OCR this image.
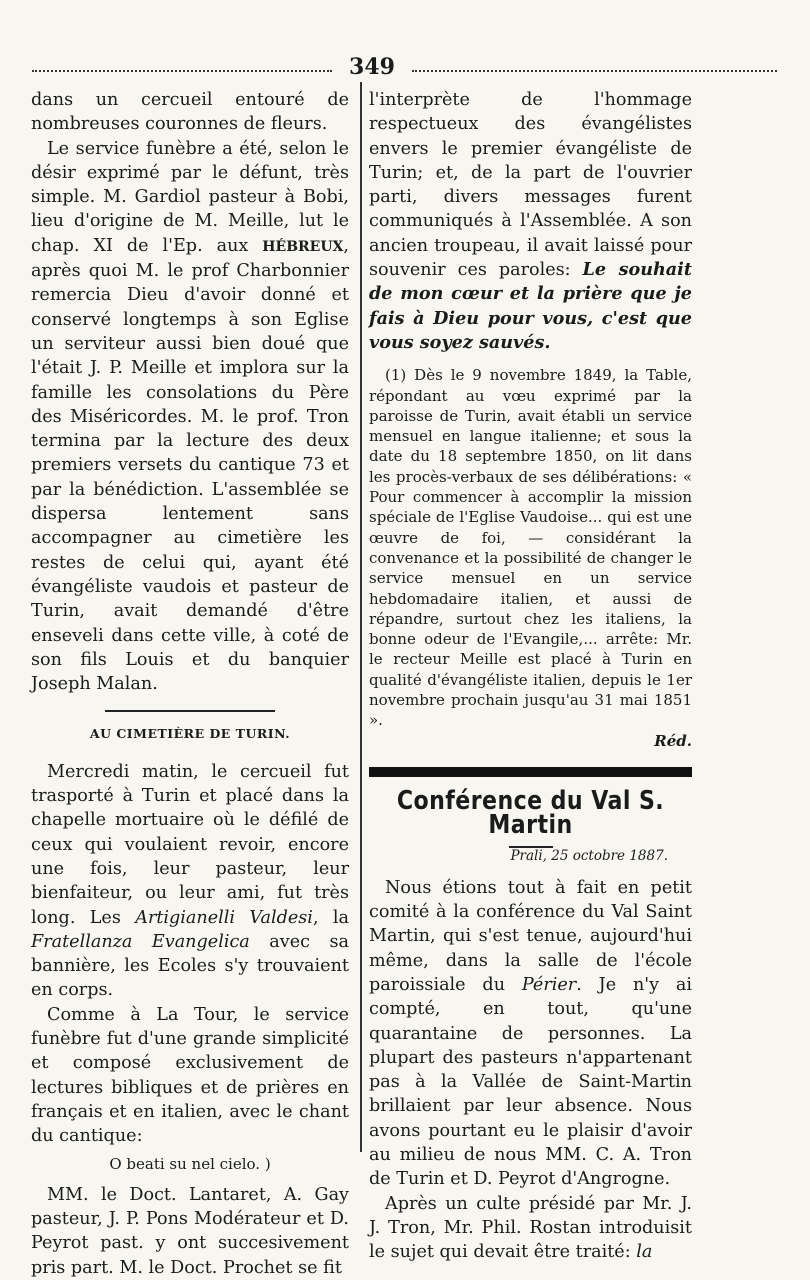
349

dans un cercueil entouré de nombreuses couronnes de fleurs.

Le service funèbre a été, selon le désir exprimé par le défunt, très simple. M. Gardiol pasteur à Bobi, lieu d'origine de M. Meille, lut le chap. XI de l'Ep. aux HÉBREUX, après quoi M. le prof Charbonnier remercia Dieu d'avoir donné et conservé longtemps à son Eglise un serviteur aussi bien doué que l'était J. P. Meille et implora sur la famille les consolations du Père des Miséricordes. M. le prof. Tron termina par la lecture des deux premiers versets du cantique 73 et par la bénédiction. L'assemblée se dispersa lentement sans accompagner au cimetière les restes de celui qui, ayant été évangéliste vaudois et pasteur de Turin, avait demandé d'être enseveli dans cette ville, à coté de son fils Louis et du banquier Joseph Malan.

AU CIMETIÈRE DE TURIN.

Mercredi matin, le cercueil fut trasporté à Turin et placé dans la chapelle mortuaire où le défilé de ceux qui voulaient revoir, encore une fois, leur pasteur, leur bienfaiteur, ou leur ami, fut très long. Les Artigianelli Valdesi, la Fratellanza Evangelica avec sa bannière, les Ecoles s'y trouvaient en corps.

Comme à La Tour, le service funèbre fut d'une grande simplicité et composé exclusivement de lectures bibliques et de prières en français et en italien, avec le chant du cantique:

O beati su nel cielo. )

MM. le Doct. Lantaret, A. Gay pasteur, J. P. Pons Modérateur et D. Peyrot past. y ont succesivement pris part. M. le Doct. Prochet se fit

l'interprète de l'hommage respectueux des évangélistes envers le premier évangéliste de Turin; et, de la part de l'ouvrier parti, divers messages furent communiqués à l'Assemblée. A son ancien troupeau, il avait laissé pour souvenir ces paroles: Le souhait de mon cœur et la prière que je fais à Dieu pour vous, c'est que vous soyez sauvés.

(1) Dès le 9 novembre 1849, la Table, répondant au vœu exprimé par la paroisse de Turin, avait établi un service mensuel en langue italienne; et sous la date du 18 septembre 1850, on lit dans les procès-verbaux de ses délibérations: « Pour commencer à accomplir la mission spéciale de l'Eglise Vaudoise... qui est une œuvre de foi, — considérant la convenance et la possibilité de changer le service mensuel en un service hebdomadaire italien, et aussi de répandre, surtout chez les italiens, la bonne odeur de l'Evangile,... arrête: Mr. le recteur Meille est placé à Turin en qualité d'évangéliste italien, depuis le 1er novembre prochain jusqu'au 31 mai 1851 ».

Réd.
Conférence du Val S. Martin
Prali, 25 octobre 1887.

Nous étions tout à fait en petit comité à la conférence du Val Saint Martin, qui s'est tenue, aujourd'hui même, dans la salle de l'école paroissiale du Périer. Je n'y ai compté, en tout, qu'une quarantaine de personnes. La plupart des pasteurs n'appartenant pas à la Vallée de Saint-Martin brillaient par leur absence. Nous avons pourtant eu le plaisir d'avoir au milieu de nous MM. C. A. Tron de Turin et D. Peyrot d'Angrogne.

Après un culte présidé par Mr. J. J. Tron, Mr. Phil. Rostan introduisit le sujet qui devait être traité: la
